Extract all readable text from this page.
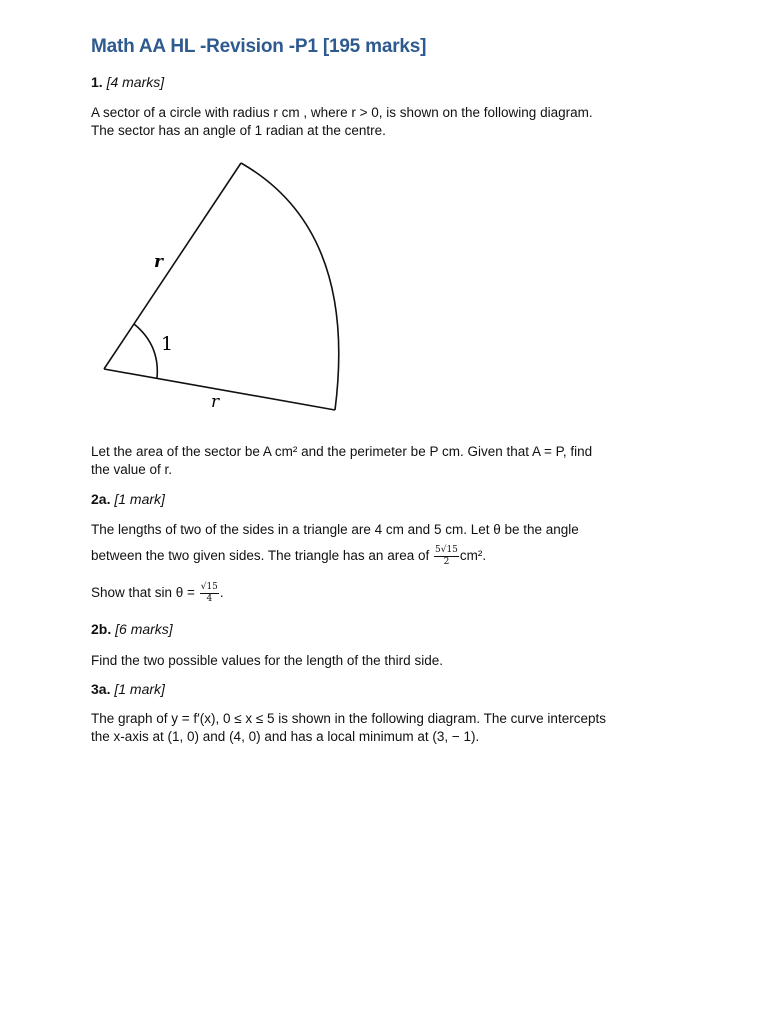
Math AA HL -Revision -P1 [195 marks]
1. [4 marks]
A sector of a circle with radius r cm , where r > 0, is shown on the following diagram.
The sector has an angle of 1 radian at the centre.
r
r
1
Let the area of the sector be A cm² and the perimeter be P cm. Given that A = P, find
the value of r.
2a. [1 mark]
The lengths of two of the sides in a triangle are 4 cm and 5 cm. Let θ be the angle
between the two given sides. The triangle has an area of $\frac{5√15}{2} cm^2$.
Show that $\sin \theta = \frac{√15}{4}$ .
2b. [6 marks]
Find the two possible values for the length of the third side.
3a. [1 mark]
The graph of y = f′(x), 0 ≤ x ≤ 5 is shown in the following diagram. The curve intercepts
the x-axis at (1, 0) and (4, 0) and has a local minimum at (3, − 1).
